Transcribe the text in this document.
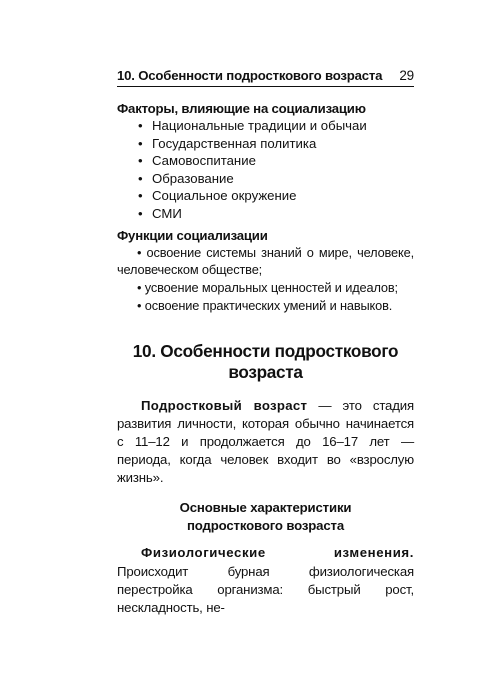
10. Особенности подросткового возраста 29
Факторы, влияющие на социализацию
• Национальные традиции и обычаи
• Государственная политика
• Самовоспитание
• Образование
• Социальное окружение
• СМИ
Функции социализации
• освоение системы знаний о мире, человеке, человеческом обществе;
• усвоение моральных ценностей и идеалов;
• освоение практических умений и навыков.
10. Особенности подросткового
возраста

Подростковый возраст — это стадия развития личности, которая обычно начинается с 11–12 и продолжается до 16–17 лет — периода, когда человек входит во «взрослую жизнь».

Основные характеристики
подросткового возраста

Физиологические изменения. Происходит бурная физиологическая перестройка организма: быстрый рост, нескладность, не-
